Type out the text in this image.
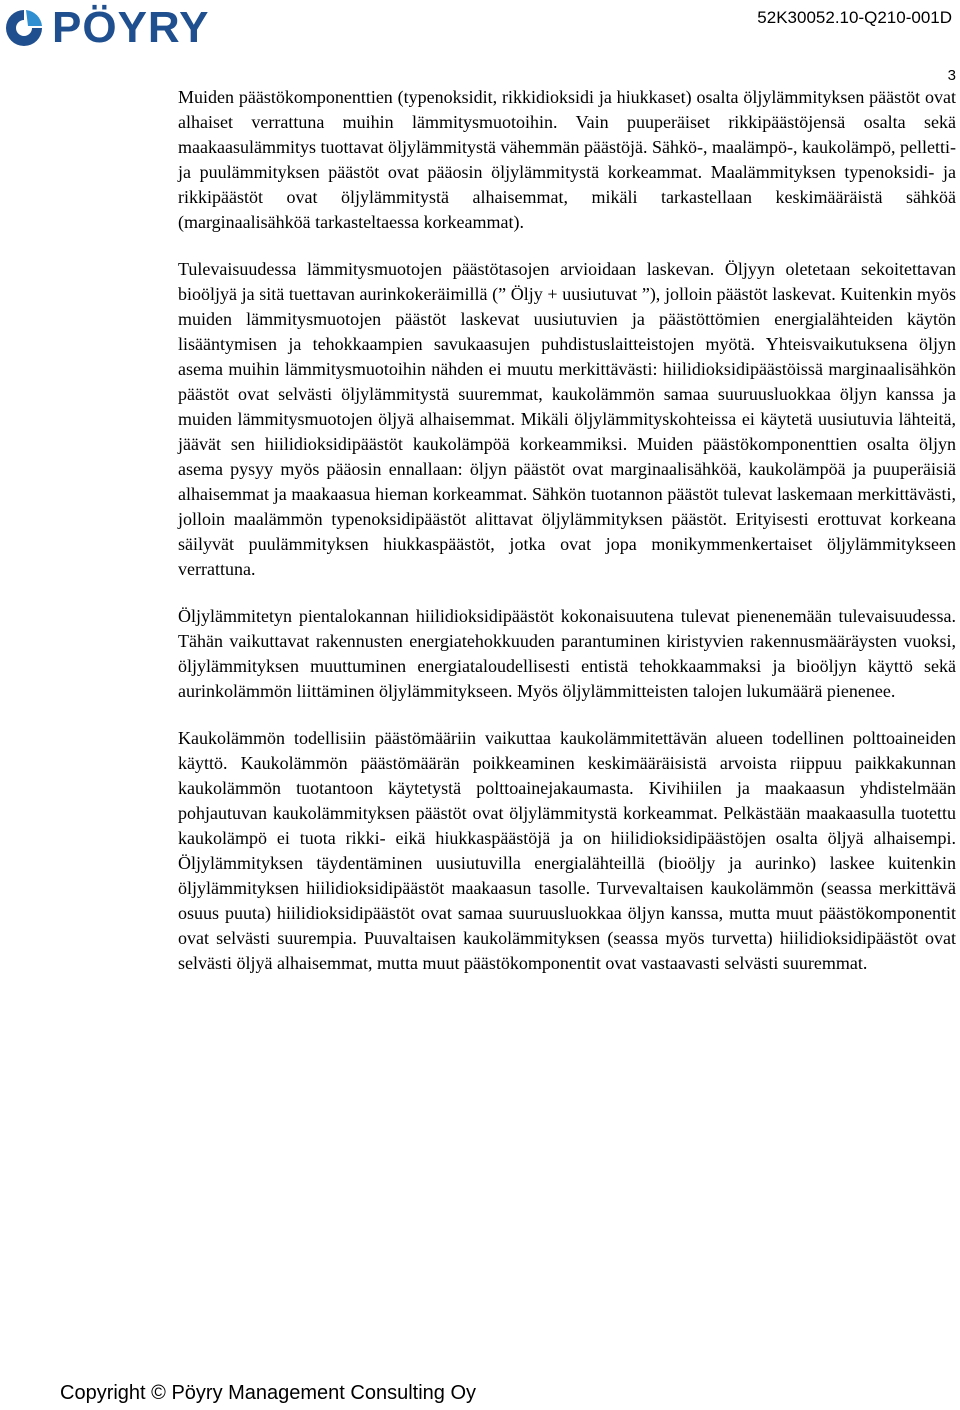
PÖYRY	52K30052.10-Q210-001D
3

Muiden päästökomponenttien (typenoksidit, rikkidioksidi ja hiukkaset) osalta öljylämmityksen päästöt ovat alhaiset verrattuna muihin lämmitysmuotoihin. Vain puuperäiset rikkipäästöjensä osalta sekä maakaasulämmitys tuottavat öljylämmitystä vähemmän päästöjä. Sähkö-, maalämpö-, kaukolämpö, pelletti- ja puulämmityksen päästöt ovat pääosin öljylämmitystä korkeammat. Maalämmityksen typenoksidi- ja rikkipäästöt ovat öljylämmitystä alhaisemmat, mikäli tarkastellaan keskimääräistä sähköä (marginaalisähköä tarkasteltaessa korkeammat).

Tulevaisuudessa lämmitysmuotojen päästötasojen arvioidaan laskevan. Öljyyn oletetaan sekoitettavan bioöljyä ja sitä tuettavan aurinkokeräimillä (” Öljy + uusiutuvat ”), jolloin päästöt laskevat. Kuitenkin myös muiden lämmitysmuotojen päästöt laskevat uusiutuvien ja päästöttömien energialähteiden käytön lisääntymisen ja tehokkaampien savukaasujen puhdistuslaitteistojen myötä. Yhteisvaikutuksena öljyn asema muihin lämmitysmuotoihin nähden ei muutu merkittävästi: hiilidioksidipäästöissä marginaalisähkön päästöt ovat selvästi öljylämmitystä suuremmat, kaukolämmön samaa suuruusluokkaa öljyn kanssa ja muiden lämmitysmuotojen öljyä alhaisemmat. Mikäli öljylämmityskohteissa ei käytetä uusiutuvia lähteitä, jäävät sen hiilidioksidipäästöt kaukolämpöä korkeammiksi. Muiden päästökomponenttien osalta öljyn asema pysyy myös pääosin ennallaan: öljyn päästöt ovat marginaalisähköä, kaukolämpöä ja puuperäisiä alhaisemmat ja maakaasua hieman korkeammat. Sähkön tuotannon päästöt tulevat laskemaan merkittävästi, jolloin maalämmön typenoksidipäästöt alittavat öljylämmityksen päästöt. Erityisesti erottuvat korkeana säilyvät puulämmityksen hiukkaspäästöt, jotka ovat jopa monikymmenkertaiset öljylämmitykseen verrattuna.

Öljylämmitetyn pientalokannan hiilidioksidipäästöt kokonaisuutena tulevat pienenemään tulevaisuudessa. Tähän vaikuttavat rakennusten energiatehokkuuden parantuminen kiristyvien rakennusmääräysten vuoksi, öljylämmityksen muuttuminen energiataloudellisesti entistä tehokkaammaksi ja bioöljyn käyttö sekä aurinkolämmön liittäminen öljylämmitykseen. Myös öljylämmitteisten talojen lukumäärä pienenee.

Kaukolämmön todellisiin päästömääriin vaikuttaa kaukolämmitettävän alueen todellinen polttoaineiden käyttö. Kaukolämmön päästömäärän poikkeaminen keskimääräisistä arvoista riippuu paikkakunnan kaukolämmön tuotantoon käytetystä polttoainejakaumasta. Kivihiilen ja maakaasun yhdistelmään pohjautuvan kaukolämmityksen päästöt ovat öljylämmitystä korkeammat. Pelkästään maakaasulla tuotettu kaukolämpö ei tuota rikki- eikä hiukkaspäästöjä ja on hiilidioksidipäästöjen osalta öljyä alhaisempi. Öljylämmityksen täydentäminen uusiutuvilla energialähteillä (bioöljy ja aurinko) laskee kuitenkin öljylämmityksen hiilidioksidipäästöt maakaasun tasolle. Turvevaltaisen kaukolämmön (seassa merkittävä osuus puuta) hiilidioksidipäästöt ovat samaa suuruusluokkaa öljyn kanssa, mutta muut päästökomponentit ovat selvästi suurempia. Puuvaltaisen kaukolämmityksen (seassa myös turvetta) hiilidioksidipäästöt ovat selvästi öljyä alhaisemmat, mutta muut päästökomponentit ovat vastaavasti selvästi suuremmat.

Copyright © Pöyry Management Consulting Oy
